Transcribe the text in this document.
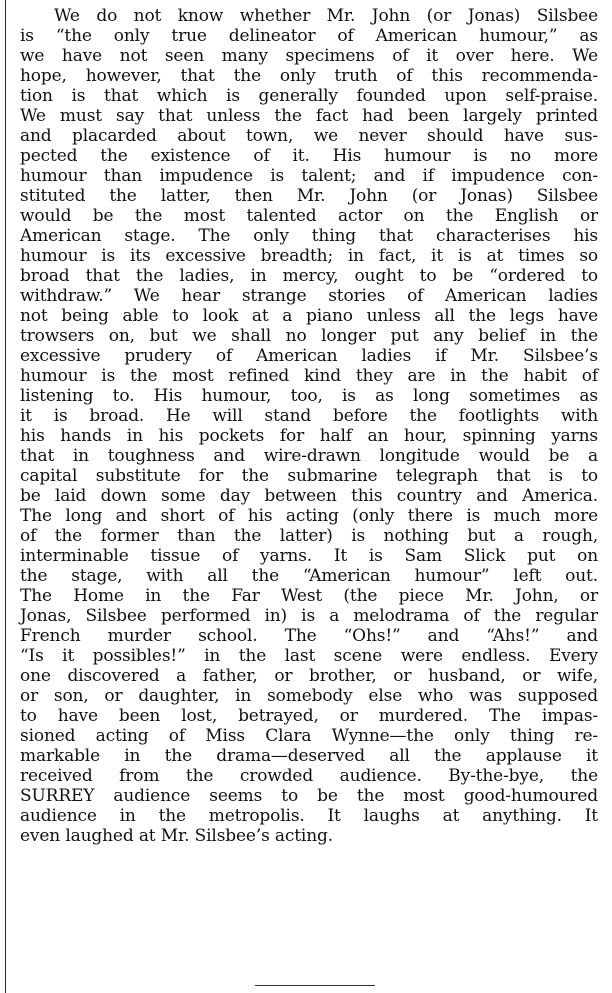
We do not know whether Mr. John (or Jonas) Silsbee
is “the only true delineator of American humour,” as
we have not seen many specimens of it over here. We
hope, however, that the only truth of this recommenda-
tion is that which is generally founded upon self-praise.
We must say that unless the fact had been largely printed
and placarded about town, we never should have sus-
pected the existence of it. His humour is no more
humour than impudence is talent; and if impudence con-
stituted the latter, then Mr. John (or Jonas) Silsbee
would be the most talented actor on the English or
American stage. The only thing that characterises his
humour is its excessive breadth; in fact, it is at times so
broad that the ladies, in mercy, ought to be “ordered to
withdraw.” We hear strange stories of American ladies
not being able to look at a piano unless all the legs have
trowsers on, but we shall no longer put any belief in the
excessive prudery of American ladies if Mr. Silsbee’s
humour is the most refined kind they are in the habit of
listening to. His humour, too, is as long sometimes as
it is broad. He will stand before the footlights with
his hands in his pockets for half an hour, spinning yarns
that in toughness and wire-drawn longitude would be a
capital substitute for the submarine telegraph that is to
be laid down some day between this country and America.
The long and short of his acting (only there is much more
of the former than the latter) is nothing but a rough,
interminable tissue of yarns. It is Sam Slick put on
the stage, with all the “American humour” left out.
The Home in the Far West (the piece Mr. John, or
Jonas, Silsbee performed in) is a melodrama of the regular
French murder school. The “Ohs!” and “Ahs!” and
“Is it possibles!” in the last scene were endless. Every
one discovered a father, or brother, or husband, or wife,
or son, or daughter, in somebody else who was supposed
to have been lost, betrayed, or murdered. The impas-
sioned acting of Miss Clara Wynne—the only thing re-
markable in the drama—deserved all the applause it
received from the crowded audience. By-the-bye, the
SURREY audience seems to be the most good-humoured
audience in the metropolis. It laughs at anything. It
even laughed at Mr. Silsbee’s acting.
